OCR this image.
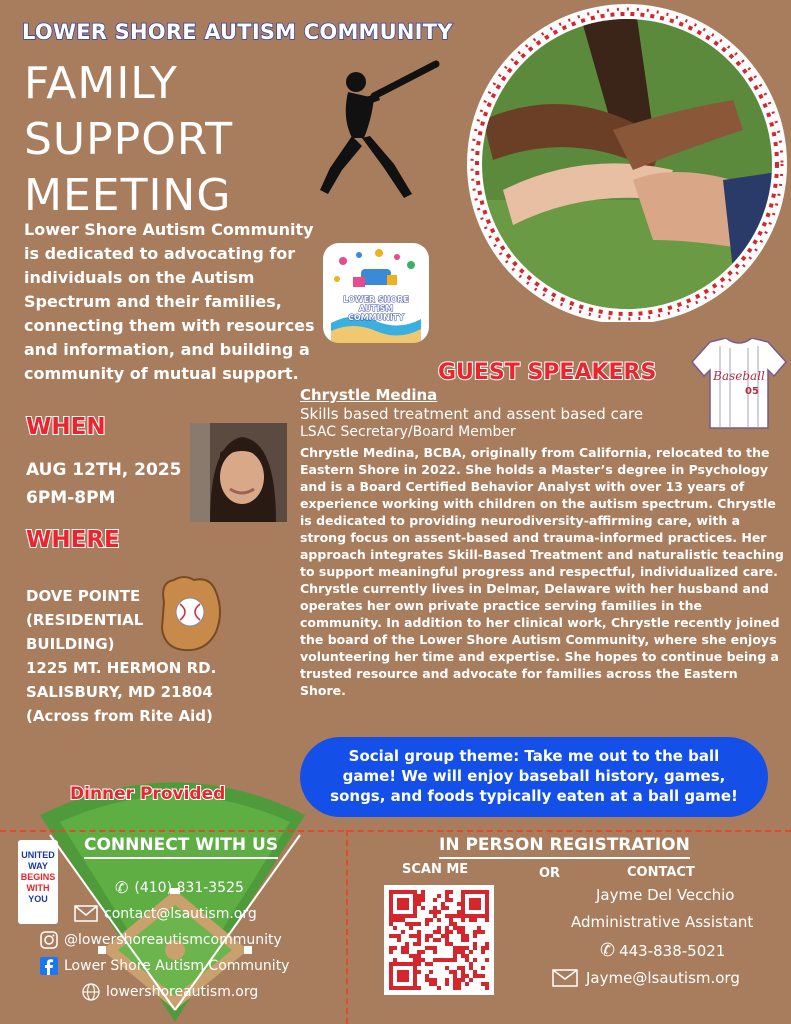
LOWER SHORE AUTISM COMMUNITY
FAMILY
SUPPORT
MEETING
Lower Shore Autism Community is dedicated to advocating for individuals on the Autism Spectrum and their families, connecting them with resources and information, and building a community of mutual support.
LOWER SHORE
AUTISM
COMMUNITY
WHEN
AUG 12TH, 2025
6PM-8PM
WHERE
DOVE POINTE
(RESIDENTIAL
BUILDING)
1225 MT. HERMON RD.
SALISBURY, MD 21804
(Across from Rite Aid)
GUEST SPEAKERS	Baseball
05
Chrystle Medina
Skills based treatment and assent based care
LSAC Secretary/Board Member
Chrystle Medina, BCBA, originally from California, relocated to the Eastern Shore in 2022. She holds a Master’s degree in Psychology and is a Board Certified Behavior Analyst with over 13 years of experience working with children on the autism spectrum. Chrystle is dedicated to providing neurodiversity-affirming care, with a strong focus on assent-based and trauma-informed practices. Her approach integrates Skill-Based Treatment and naturalistic teaching to support meaningful progress and respectful, individualized care. Chrystle currently lives in Delmar, Delaware with her husband and operates her own private practice serving families in the community. In addition to her clinical work, Chrystle recently joined the board of the Lower Shore Autism Community, where she enjoys volunteering her time and expertise. She hopes to continue being a trusted resource and advocate for families across the Eastern Shore.
Social group theme: Take me out to the ball game! We will enjoy baseball history, games, songs, and foods typically eaten at a ball game!
Dinner Provided
UNITED
WAY
BEGINS
WITH
YOU
CONNNECT WITH US
✆ (410) 831-3525
contact@lsautism.org
@lowershoreautismcommunity
Lower Shore Autism Community
lowershoreautism.org
IN PERSON REGISTRATION
SCAN ME	OR	CONTACT
Jayme Del Vecchio
Administrative Assistant
✆ 443-838-5021
Jayme@lsautism.org
